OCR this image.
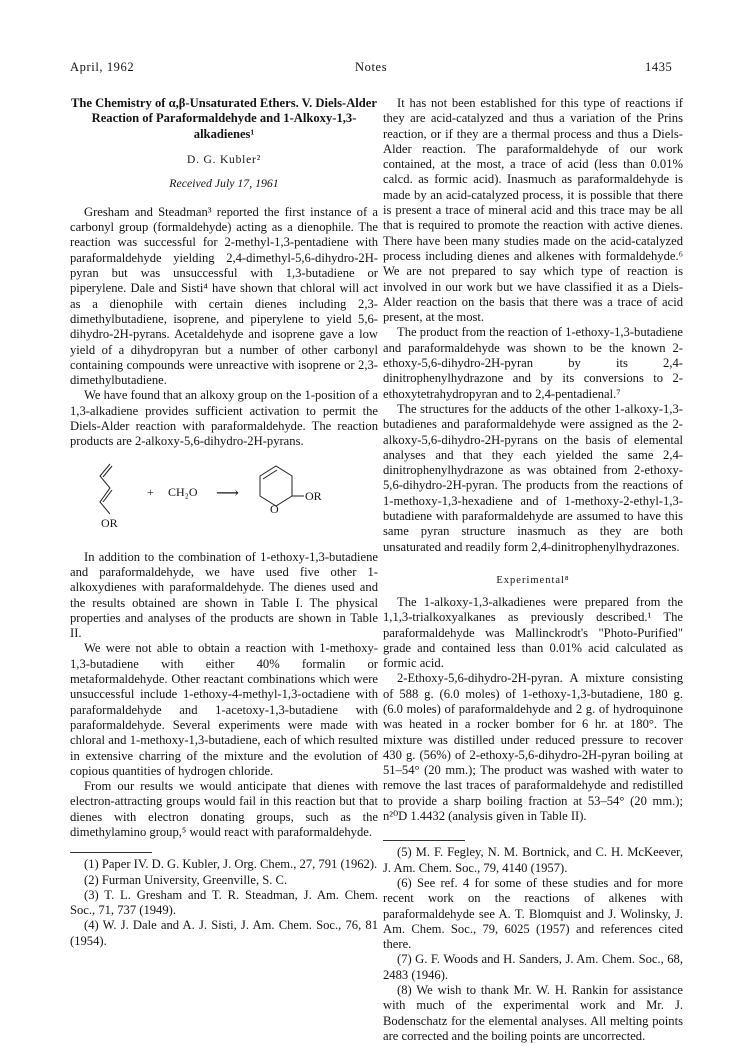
April, 1962	Notes	1435

The Chemistry of α,β-Unsaturated Ethers. V. Diels-Alder Reaction of Paraformaldehyde and 1-Alkoxy-1,3-alkadienes¹

D. G. Kubler²
Received July 17, 1961

Gresham and Steadman³ reported the first instance of a carbonyl group (formaldehyde) acting as a dienophile. The reaction was successful for 2-methyl-1,3-pentadiene with paraformaldehyde yielding 2,4-dimethyl-5,6-dihydro-2H-pyran but was unsuccessful with 1,3-butadiene or piperylene. Dale and Sisti⁴ have shown that chloral will act as a dienophile with certain dienes including 2,3-dimethylbutadiene, isoprene, and piperylene to yield 5,6-dihydro-2H-pyrans. Acetaldehyde and isoprene gave a low yield of a dihydropyran but a number of other carbonyl containing compounds were unreactive with isoprene or 2,3-dimethylbutadiene.

We have found that an alkoxy group on the 1-position of a 1,3-alkadiene provides sufficient activation to permit the Diels-Alder reaction with paraformaldehyde. The reaction products are 2-alkoxy-5,6-dihydro-2H-pyrans.

+ CH₂O ⟶
OR
O
OR

In addition to the combination of 1-ethoxy-1,3-butadiene and paraformaldehyde, we have used five other 1-alkoxydienes with paraformaldehyde. The dienes used and the results obtained are shown in Table I. The physical properties and analyses of the products are shown in Table II.

We were not able to obtain a reaction with 1-methoxy-1,3-butadiene with either 40% formalin or metaformaldehyde. Other reactant combinations which were unsuccessful include 1-ethoxy-4-methyl-1,3-octadiene with paraformaldehyde and 1-acetoxy-1,3-butadiene with paraformaldehyde. Several experiments were made with chloral and 1-methoxy-1,3-butadiene, each of which resulted in extensive charring of the mixture and the evolution of copious quantities of hydrogen chloride.

From our results we would anticipate that dienes with electron-attracting groups would fail in this reaction but that dienes with electron donating groups, such as the dimethylamino group,⁵ would react with paraformaldehyde.

(1) Paper IV. D. G. Kubler, J. Org. Chem., 27, 791 (1962).

(2) Furman University, Greenville, S. C.

(3) T. L. Gresham and T. R. Steadman, J. Am. Chem. Soc., 71, 737 (1949).

(4) W. J. Dale and A. J. Sisti, J. Am. Chem. Soc., 76, 81 (1954).

It has not been established for this type of reactions if they are acid-catalyzed and thus a variation of the Prins reaction, or if they are a thermal process and thus a Diels-Alder reaction. The paraformaldehyde of our work contained, at the most, a trace of acid (less than 0.01% calcd. as formic acid). Inasmuch as paraformaldehyde is made by an acid-catalyzed process, it is possible that there is present a trace of mineral acid and this trace may be all that is required to promote the reaction with active dienes. There have been many studies made on the acid-catalyzed process including dienes and alkenes with formaldehyde.⁶ We are not prepared to say which type of reaction is involved in our work but we have classified it as a Diels-Alder reaction on the basis that there was a trace of acid present, at the most.

The product from the reaction of 1-ethoxy-1,3-butadiene and paraformaldehyde was shown to be the known 2-ethoxy-5,6-dihydro-2H-pyran by its 2,4-dinitrophenylhydrazone and by its conversions to 2-ethoxytetrahydropyran and to 2,4-pentadienal.⁷

The structures for the adducts of the other 1-alkoxy-1,3-butadienes and paraformaldehyde were assigned as the 2-alkoxy-5,6-dihydro-2H-pyrans on the basis of elemental analyses and that they each yielded the same 2,4-dinitrophenylhydrazone as was obtained from 2-ethoxy-5,6-dihydro-2H-pyran. The products from the reactions of 1-methoxy-1,3-hexadiene and of 1-methoxy-2-ethyl-1,3-butadiene with paraformaldehyde are assumed to have this same pyran structure inasmuch as they are both unsaturated and readily form 2,4-dinitrophenylhydrazones.

Experimental⁸

The 1-alkoxy-1,3-alkadienes were prepared from the 1,1,3-trialkoxyalkanes as previously described.¹ The paraformaldehyde was Mallinckrodt's "Photo-Purified" grade and contained less than 0.01% acid calculated as formic acid.

2-Ethoxy-5,6-dihydro-2H-pyran. A mixture consisting of 588 g. (6.0 moles) of 1-ethoxy-1,3-butadiene, 180 g. (6.0 moles) of paraformaldehyde and 2 g. of hydroquinone was heated in a rocker bomber for 6 hr. at 180°. The mixture was distilled under reduced pressure to recover 430 g. (56%) of 2-ethoxy-5,6-dihydro-2H-pyran boiling at 51–54° (20 mm.); The product was washed with water to remove the last traces of paraformaldehyde and redistilled to provide a sharp boiling fraction at 53–54° (20 mm.); n²⁰D 1.4432 (analysis given in Table II).

(5) M. F. Fegley, N. M. Bortnick, and C. H. McKeever, J. Am. Chem. Soc., 79, 4140 (1957).

(6) See ref. 4 for some of these studies and for more recent work on the reactions of alkenes with paraformaldehyde see A. T. Blomquist and J. Wolinsky, J. Am. Chem. Soc., 79, 6025 (1957) and references cited there.

(7) G. F. Woods and H. Sanders, J. Am. Chem. Soc., 68, 2483 (1946).

(8) We wish to thank Mr. W. H. Rankin for assistance with much of the experimental work and Mr. J. Bodenschatz for the elemental analyses. All melting points are corrected and the boiling points are uncorrected.
